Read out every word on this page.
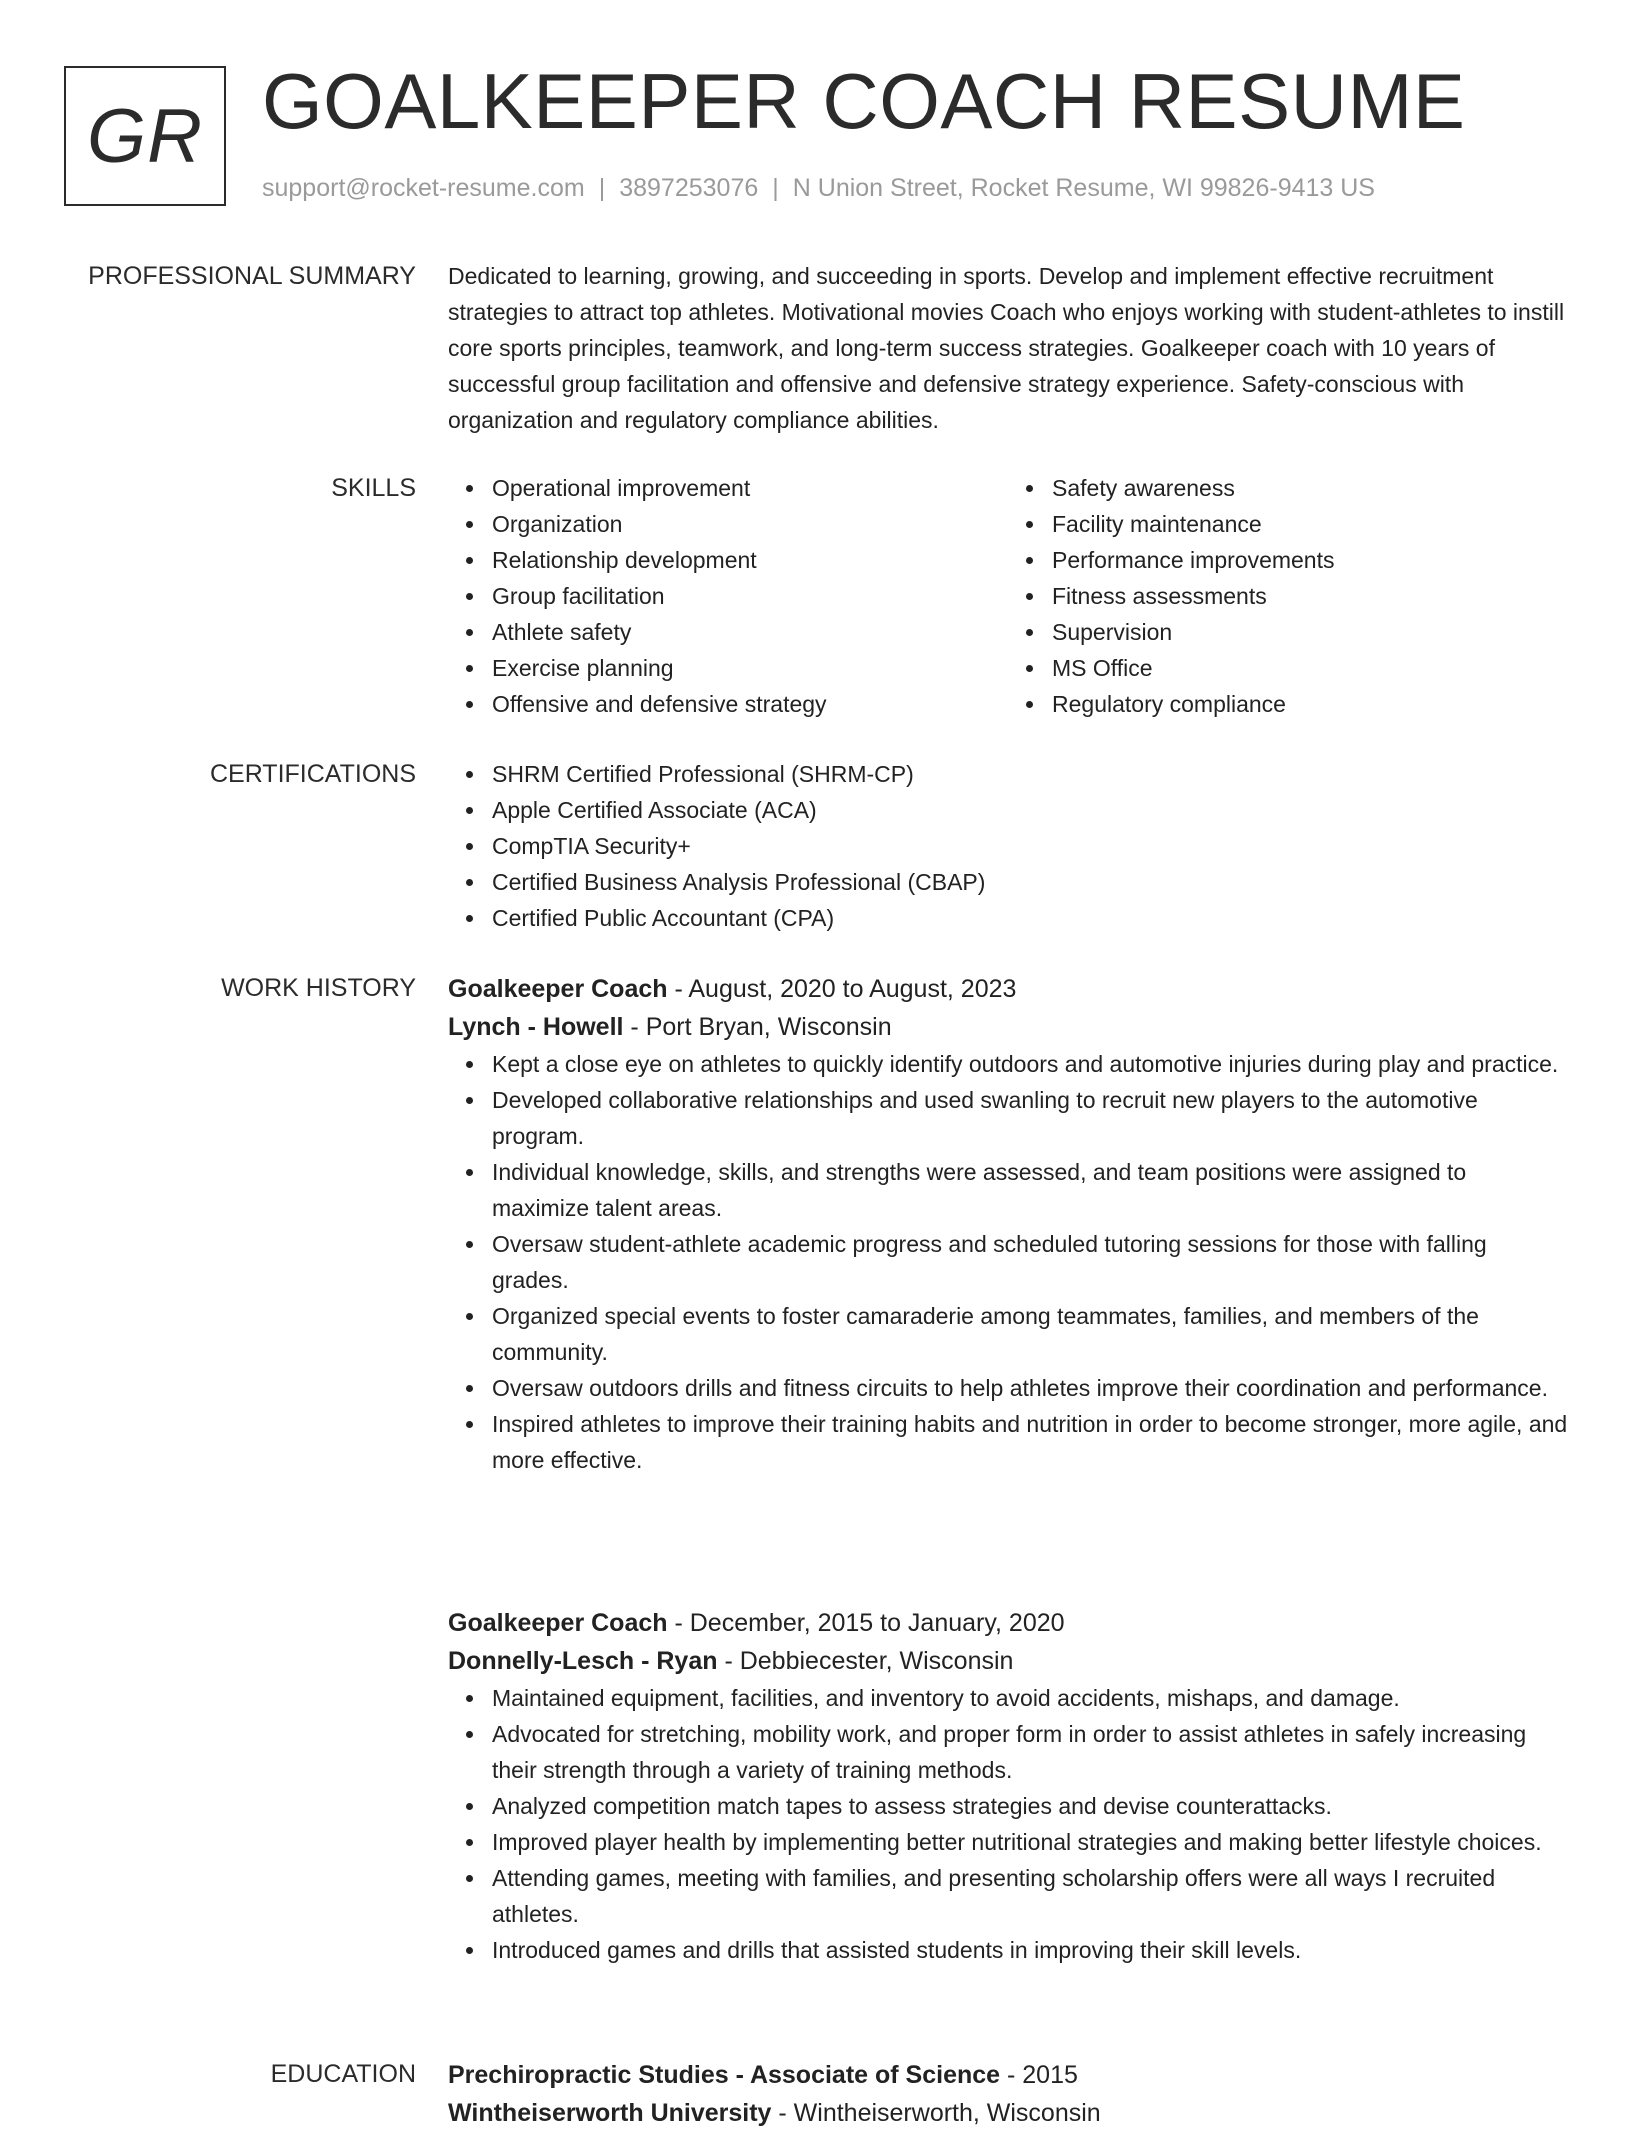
GR GOALKEEPER COACH RESUME
support@rocket-resume.com | 3897253076 | N Union Street, Rocket Resume, WI 99826-9413 US
PROFESSIONAL SUMMARY Dedicated to learning, growing, and succeeding in sports. Develop and implement effective recruitment strategies to attract top athletes. Motivational movies Coach who enjoys working with student-athletes to instill core sports principles, teamwork, and long-term success strategies. Goalkeeper coach with 10 years of successful group facilitation and offensive and defensive strategy experience. Safety-conscious with organization and regulatory compliance abilities.

SKILLS	Operational improvement
Organization
Relationship development
Group facilitation
Athlete safety
Exercise planning
Offensive and defensive strategy
Safety awareness
Facility maintenance
Performance improvements
Fitness assessments
Supervision
MS Office
Regulatory compliance
CERTIFICATIONS	SHRM Certified Professional (SHRM-CP)
Apple Certified Associate (ACA)
CompTIA Security+
Certified Business Analysis Professional (CBAP)
Certified Public Accountant (CPA)
WORK HISTORY Goalkeeper Coach - August, 2020 to August, 2023
Lynch - Howell - Port Bryan, Wisconsin
Kept a close eye on athletes to quickly identify outdoors and automotive injuries during play and practice.
Developed collaborative relationships and used swanling to recruit new players to the automotive program.
Individual knowledge, skills, and strengths were assessed, and team positions were assigned to maximize talent areas.
Oversaw student-athlete academic progress and scheduled tutoring sessions for those with falling grades.
Organized special events to foster camaraderie among teammates, families, and members of the community.
Oversaw outdoors drills and fitness circuits to help athletes improve their coordination and performance.
Inspired athletes to improve their training habits and nutrition in order to become stronger, more agile, and more effective.
Goalkeeper Coach - December, 2015 to January, 2020
Donnelly-Lesch - Ryan - Debbiecester, Wisconsin
Maintained equipment, facilities, and inventory to avoid accidents, mishaps, and damage.
Advocated for stretching, mobility work, and proper form in order to assist athletes in safely increasing their strength through a variety of training methods.
Analyzed competition match tapes to assess strategies and devise counterattacks.
Improved player health by implementing better nutritional strategies and making better lifestyle choices.
Attending games, meeting with families, and presenting scholarship offers were all ways I recruited athletes.
Introduced games and drills that assisted students in improving their skill levels.
EDUCATION Prechiropractic Studies - Associate of Science - 2015
Wintheiserworth University - Wintheiserworth, Wisconsin
